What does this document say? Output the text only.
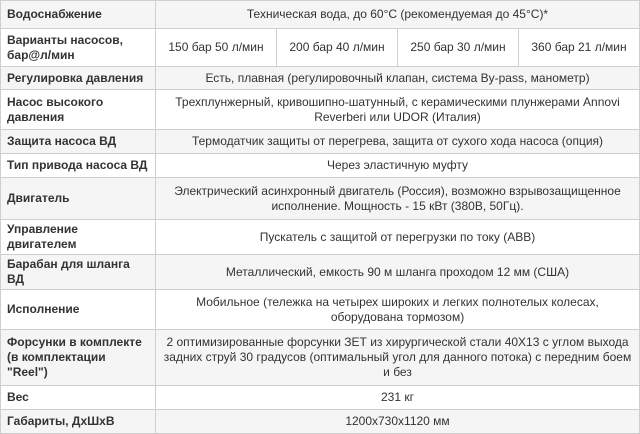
Водоснабжение	Техническая вода, до 60°C (рекомендуемая до 45°C)*			
Варианты насосов, бар@л/мин	150 бар 50 л/мин	200 бар 40 л/мин	250 бар 30 л/мин	360 бар 21 л/мин
Регулировка давления	Есть, плавная (регулировочный клапан, система By-pass, манометр)			
Насос высокого давления	Трехплунжерный, кривошипно-шатунный, с керамическими плунжерами Annovi Reverberi или UDOR (Италия)			
Защита насоса ВД	Термодатчик защиты от перегрева, защита от сухого хода насоса (опция)			
Тип привода насоса ВД	Через эластичную муфту			
Двигатель	Электрический асинхронный двигатель (Россия), возможно взрывозащищенное исполнение. Мощность - 15 кВт (380В, 50Гц).			
Управление двигателем	Пускатель с защитой от перегрузки по току (АВВ)			
Барабан для шланга ВД	Металлический, емкость 90 м шланга проходом 12 мм (США)			
Исполнение	Мобильное (тележка на четырех широких и легких полнотелых колесах, оборудована тормозом)			
Форсунки в комплекте (в комплектации "Reel")	2 оптимизированные форсунки ЗЕТ из хирургической стали 40Х13 с углом выхода задних струй 30 градусов (оптимальный угол для данного потока) с передним боем и без			
Вес	231 кг			
Габариты, ДхШхВ	1200х730х1120 мм			
